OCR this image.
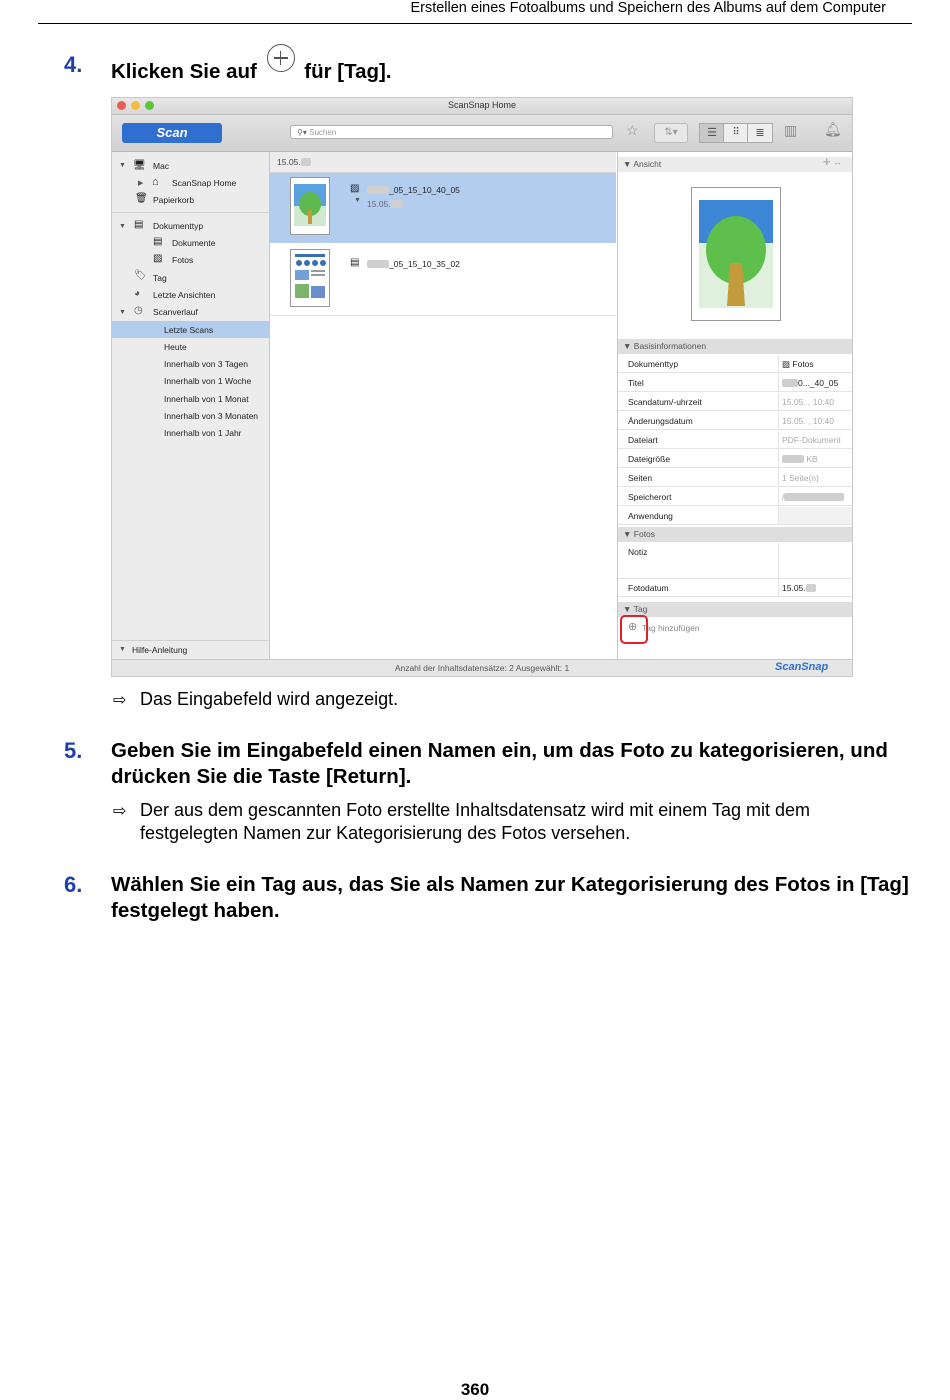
Erstellen eines Fotoalbums und Speichern des Albums auf dem Computer
4. Klicken Sie auf für [Tag].
ScanSnap Home
Scan	⚲▾ Suchen	☆	⇅▾	☰	⠿	≣	▥ 🔔︎
▼ 🖥︎ Mac
▶ ⌂ ScanSnap Home
🗑︎ Papierkorb
▼ ▤ Dokumenttyp
▤ Dokumente
▨ Fotos
🏷︎ Tag
◕ Letzte Ansichten
▼ ◷ Scanverlauf
Letzte Scans
Heute
Innerhalb von 3 Tagen
Innerhalb von 1 Woche
Innerhalb von 1 Monat
Innerhalb von 3 Monaten
Innerhalb von 1 Jahr
▼ Hilfe-Anleitung
15.05.
▨	_05_15_10_40_05
▼ 15.05.
▤	_05_15_10_35_02
▼ Ansicht	✛ ↔
▼ Basisinformationen
Dokumenttyp	▨ Fotos
Titel	0..._40_05
Scandatum/-uhrzeit	15.05. , 10:40
Änderungsdatum	15.05. , 10:40
Dateiart	PDF-Dokument
Dateigröße	KB
Seiten	1 Seite(n)
Speicherort	/
Anwendung
▼ Fotos
Notiz
Fotodatum	15.05.
▼ Tag
⊕ Tag hinzufügen
Anzahl der Inhaltsdatensätze: 2 Ausgewählt: 1	ScanSnap
⇨ Das Eingabefeld wird angezeigt.
5. Geben Sie im Eingabefeld einen Namen ein, um das Foto zu kategorisieren, und drücken Sie die Taste [Return].
⇨ Der aus dem gescannten Foto erstellte Inhaltsdatensatz wird mit einem Tag mit dem festgelegten Namen zur Kategorisierung des Fotos versehen.
6. Wählen Sie ein Tag aus, das Sie als Namen zur Kategorisierung des Fotos in [Tag] festgelegt haben.
360
